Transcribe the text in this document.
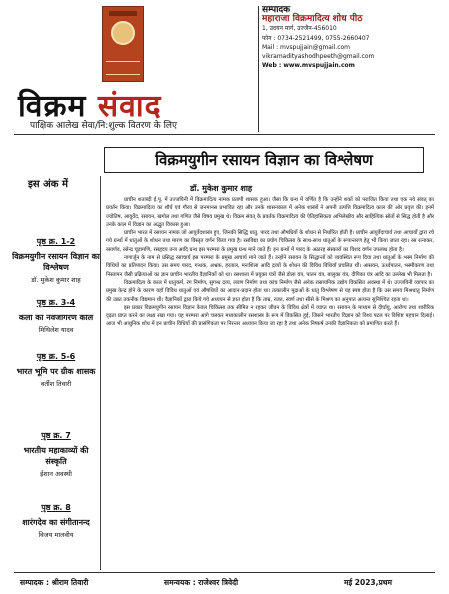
विक्रम संवाद
पाक्षिक आलेख सेवा/नि:शुल्क वितरण के लिए
सम्पादक
महाराजा विक्रमादित्य शोध पीठ
1, उदयन मार्ग, उज्जैन-456010
फोन : 0734-2521499, 0755-2660407
Mail : mvspujjain@gmail.com
vikramadityashodhpeeth@gmail.com
Web : www.mvspujjain.com
विक्रमयुगीन रसायन विज्ञान का विश्लेषण
इस अंक में
पृष्ठ क्र. 1-2
विक्रमयुगीन रसायन विज्ञान का विश्लेषण
डॉ. मुकेश कुमार शाह
पृष्ठ क्र. 3-4
कला का नवजागरण काल
मिथिलेश यादव
पृष्ठ क्र. 5-6
भारत भूमि पर ग्रीक शासक
वर्तीश तिवारी
पृष्ठ क्र. 7
भारतीय महाकाव्यों की संस्कृति
ईशान अवस्थी
पृष्ठ क्र. 8
शारंगदेव का संगीतानन्द
विजय मालवीय
डॉ. मुकेश कुमार शाह

प्राचीन शताब्दी ई.पू. में उज्जयिनी में विक्रमादित्य नामक प्रतापी शासक हुआ। जैसा कि ग्रन्थ में वर्णित है कि उन्होंने शकों को पराजित किया तथा एक नये संवत् का प्रवर्तन किया। विक्रमादित्य का शौर्य एवं गौरव से जनमानस प्रभावित रहा और उनके शासनकाल में अनेक शास्त्रों ने अपनी उत्पत्ति विक्रमादित्य काल की ओर प्रवृत्त की। इनमें ज्योतिष, आयुर्वेद, रसायन, खगोल तथा गणित जैसे विषय प्रमुख थे। विक्रम संवत् के प्रवर्तक विक्रमादित्य की ऐतिहासिकता अभिलेखीय और साहित्यिक स्रोतों से सिद्ध होती है और उनके काल में विज्ञान का अद्भुत विकास हुआ।

प्राचीन भारत में रसायन नामक जो आयुर्वेदशास्त्र हुए, जिनकी सिद्धि धातु, पारद तथा औषधियों के शोधन से निर्धारित होती है। प्राचीन आयुर्वेदाचार्य तथा आचार्यों द्वारा रचे गये ग्रन्थों में धातुओं के शोधन तथा मारण का विस्तृत वर्णन किया गया है। रसविद्या का प्रयोग चिकित्सा के साथ-साथ धातुओं के रूपान्तरण हेतु भी किया जाता रहा। रस रत्नाकर, रसार्णव, रसेन्द्र चूडामणि, रसहृदय तन्त्र आदि ग्रन्थ इस परम्परा के प्रमुख ग्रन्थ माने जाते हैं। इन ग्रन्थों में पारद के अठारह संस्कारों का विशद वर्णन उपलब्ध होता है।

नागार्जुन के नाम से प्रसिद्ध रसाचार्य इस परम्परा के प्रमुख आचार्य माने जाते हैं। उन्होंने रसायन के सिद्धान्तों को व्यवस्थित रूप दिया तथा धातुओं के भस्म निर्माण की विधियों का प्रतिपादन किया। उस समय पारद, गन्धक, अभ्रक, हरताल, मनःशिला आदि द्रव्यों के शोधन की विविध विधियाँ प्रचलित थीं। आसवन, ऊर्ध्वपातन, भस्मीकरण तथा निस्तापन जैसी प्रक्रियाओं का ज्ञान प्राचीन भारतीय वैज्ञानिकों को था। रसशाला में प्रयुक्त यंत्रों जैसे डोला यंत्र, पातन यंत्र, बालुका यंत्र, दीपिका यंत्र आदि का उल्लेख भी मिलता है।

विक्रमादित्य के काल में धातुकर्म, रंग निर्माण, सुगन्ध द्रव्य, लवण निर्माण तथा कांच निर्माण जैसे अनेक रासायनिक उद्योग विकसित अवस्था में थे। उज्जयिनी व्यापार का प्रमुख केन्द्र होने के कारण यहाँ विविध धातुओं एवं औषधियों का आदान-प्रदान होता था। तत्कालीन मुद्राओं के धातु विश्लेषण से यह स्पष्ट होता है कि उस समय मिश्रधातु निर्माण की उन्नत तकनीक विद्यमान थी। वैज्ञानिकों द्वारा किये गये अध्ययन से ज्ञात होता है कि ताम्र, रजत, स्वर्ण तथा सीसे के मिश्रण का अनुपात अत्यन्त सुनिश्चित रहता था।

इस प्रकार विक्रमयुगीन रसायन विज्ञान केवल चिकित्सा तक सीमित न रहकर जीवन के विविध क्षेत्रों में व्याप्त था। रसायन के माध्यम से दीर्घायु, आरोग्य तथा शारीरिक दृढ़ता प्राप्त करने का लक्ष्य रखा गया। यह परम्परा आगे चलकर मध्यकालीन रसशास्त्र के रूप में विकसित हुई, जिसने भारतीय विज्ञान को विश्व पटल पर विशिष्ट पहचान दिलाई। आज भी आधुनिक शोध में इन प्राचीन विधियों की प्रासंगिकता पर निरन्तर अध्ययन किया जा रहा है तथा अनेक निष्कर्ष उनकी वैज्ञानिकता को प्रमाणित करते हैं।

सम्पादक : श्रीराम तिवारी	समन्वयक : राजेश्वर त्रिवेदी	मई 2023,प्रथम
